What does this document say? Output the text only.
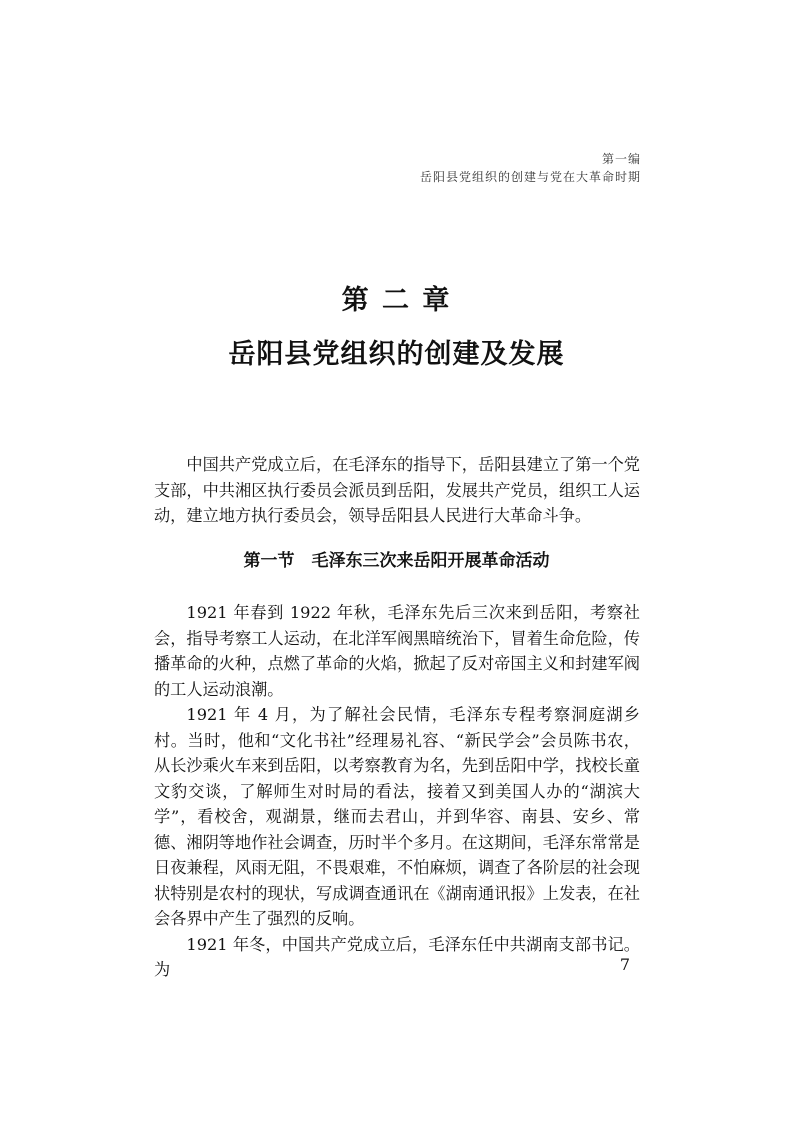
第一编
岳阳县党组织的创建与党在大革命时期
第 二 章
岳阳县党组织的创建及发展

中国共产党成立后，在毛泽东的指导下，岳阳县建立了第一个党支部，中共湘区执行委员会派员到岳阳，发展共产党员，组织工人运动，建立地方执行委员会，领导岳阳县人民进行大革命斗争。

第一节　毛泽东三次来岳阳开展革命活动

1921 年春到 1922 年秋，毛泽东先后三次来到岳阳，考察社会，指导考察工人运动，在北洋军阀黑暗统治下，冒着生命危险，传播革命的火种，点燃了革命的火焰，掀起了反对帝国主义和封建军阀的工人运动浪潮。

1921 年 4 月，为了解社会民情，毛泽东专程考察洞庭湖乡村。当时，他和“文化书社”经理易礼容、“新民学会”会员陈书农，从长沙乘火车来到岳阳，以考察教育为名，先到岳阳中学，找校长童文豹交谈，了解师生对时局的看法，接着又到美国人办的“湖滨大学”，看校舍，观湖景，继而去君山，并到华容、南县、安乡、常德、湘阴等地作社会调查，历时半个多月。在这期间，毛泽东常常是日夜兼程，风雨无阻，不畏艰难，不怕麻烦，调查了各阶层的社会现状特别是农村的现状，写成调查通讯在《湖南通讯报》上发表，在社会各界中产生了强烈的反响。

1921 年冬，中国共产党成立后，毛泽东任中共湖南支部书记。为	7
